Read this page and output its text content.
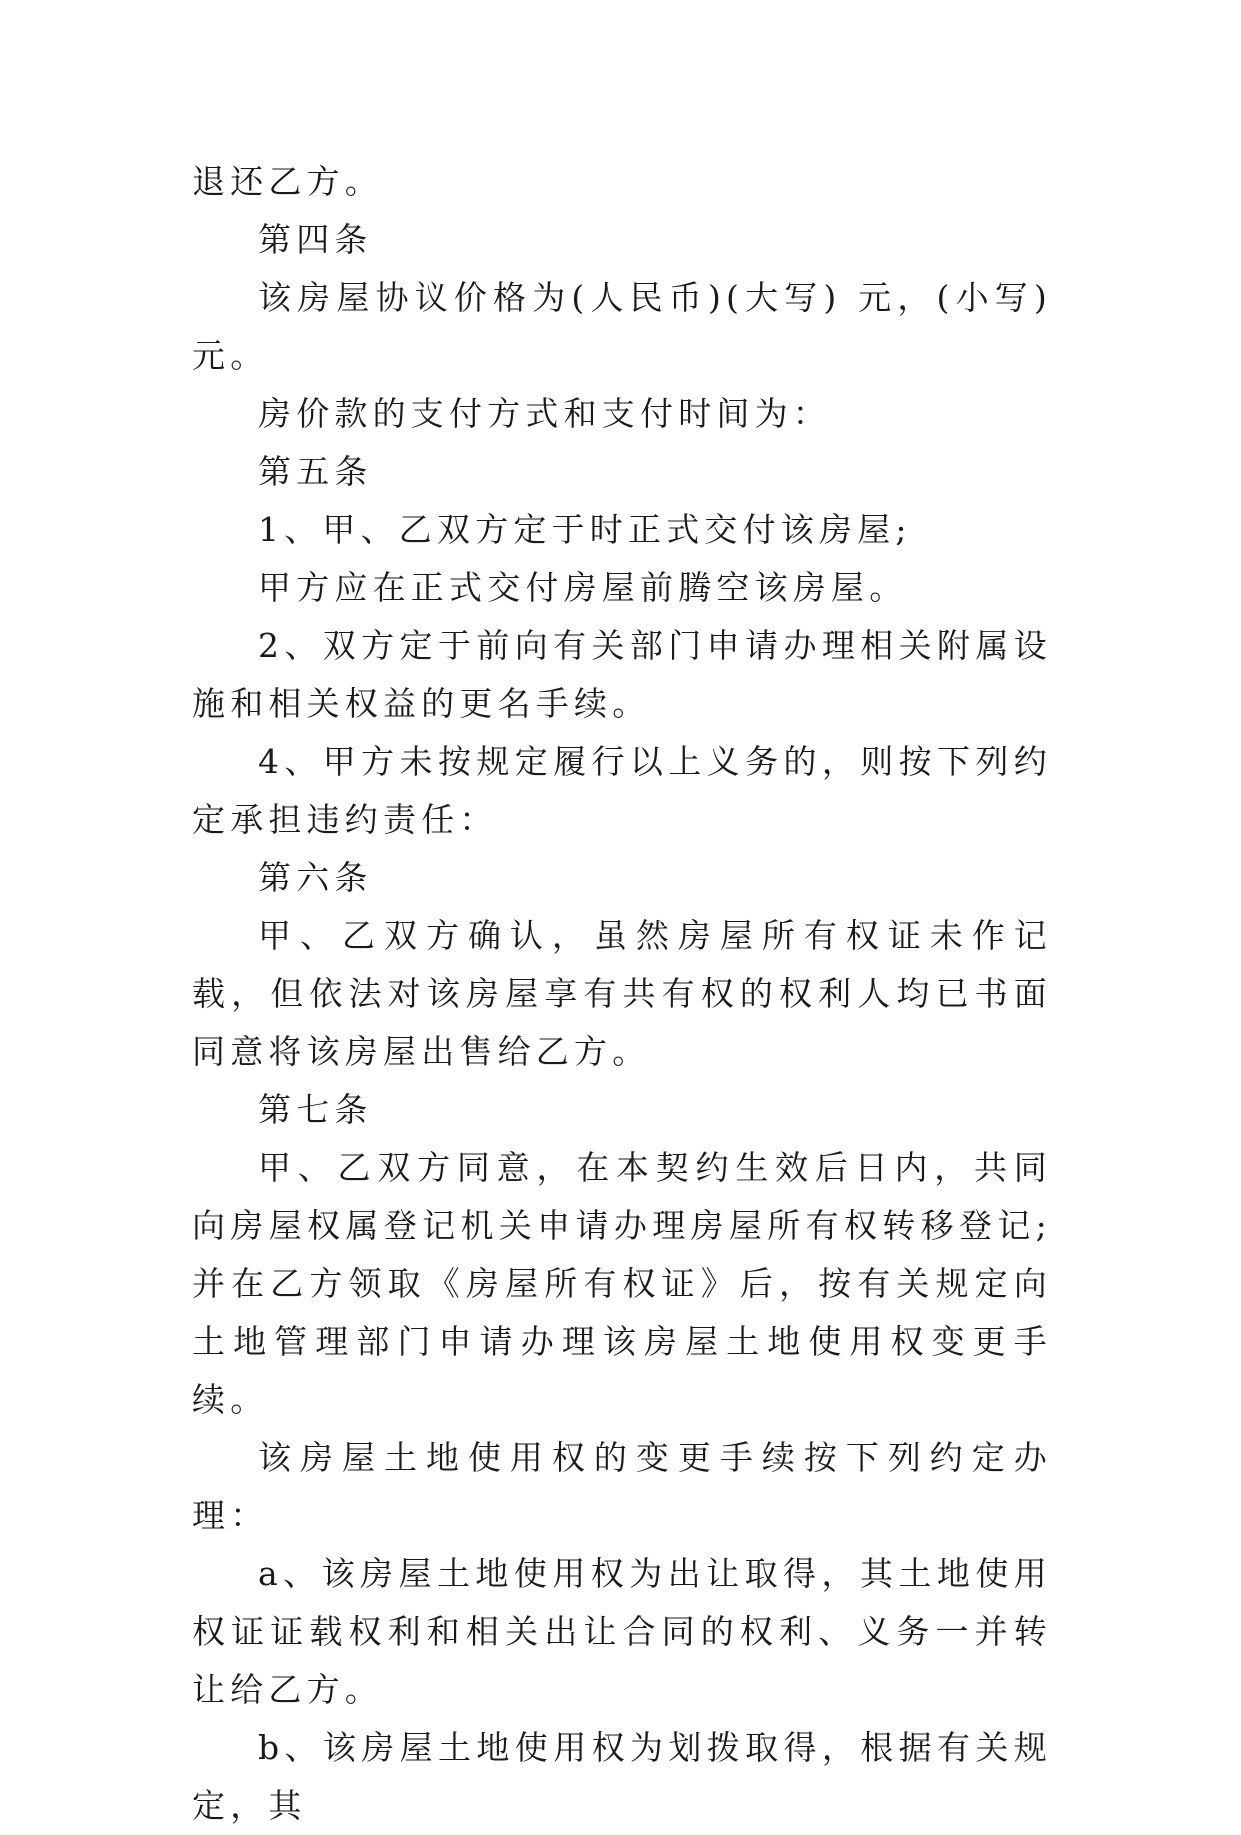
退还乙方。

第四条

该房屋协议价格为(人民币)(大写) 元，(小写) 元。

房价款的支付方式和支付时间为：

第五条

1、甲、乙双方定于时正式交付该房屋;

甲方应在正式交付房屋前腾空该房屋。

2、双方定于前向有关部门申请办理相关附属设施和相关权益的更名手续。

4、甲方未按规定履行以上义务的，则按下列约定承担违约责任：

第六条

甲、乙双方确认，虽然房屋所有权证未作记载，但依法对该房屋享有共有权的权利人均已书面同意将该房屋出售给乙方。

第七条

甲、乙双方同意，在本契约生效后日内，共同向房屋权属登记机关申请办理房屋所有权转移登记;并在乙方领取《房屋所有权证》后，按有关规定向土地管理部门申请办理该房屋土地使用权变更手续。

该房屋土地使用权的变更手续按下列约定办理：

a、该房屋土地使用权为出让取得，其土地使用权证证载权利和相关出让合同的权利、义务一并转让给乙方。

b、该房屋土地使用权为划拨取得，根据有关规定，其
